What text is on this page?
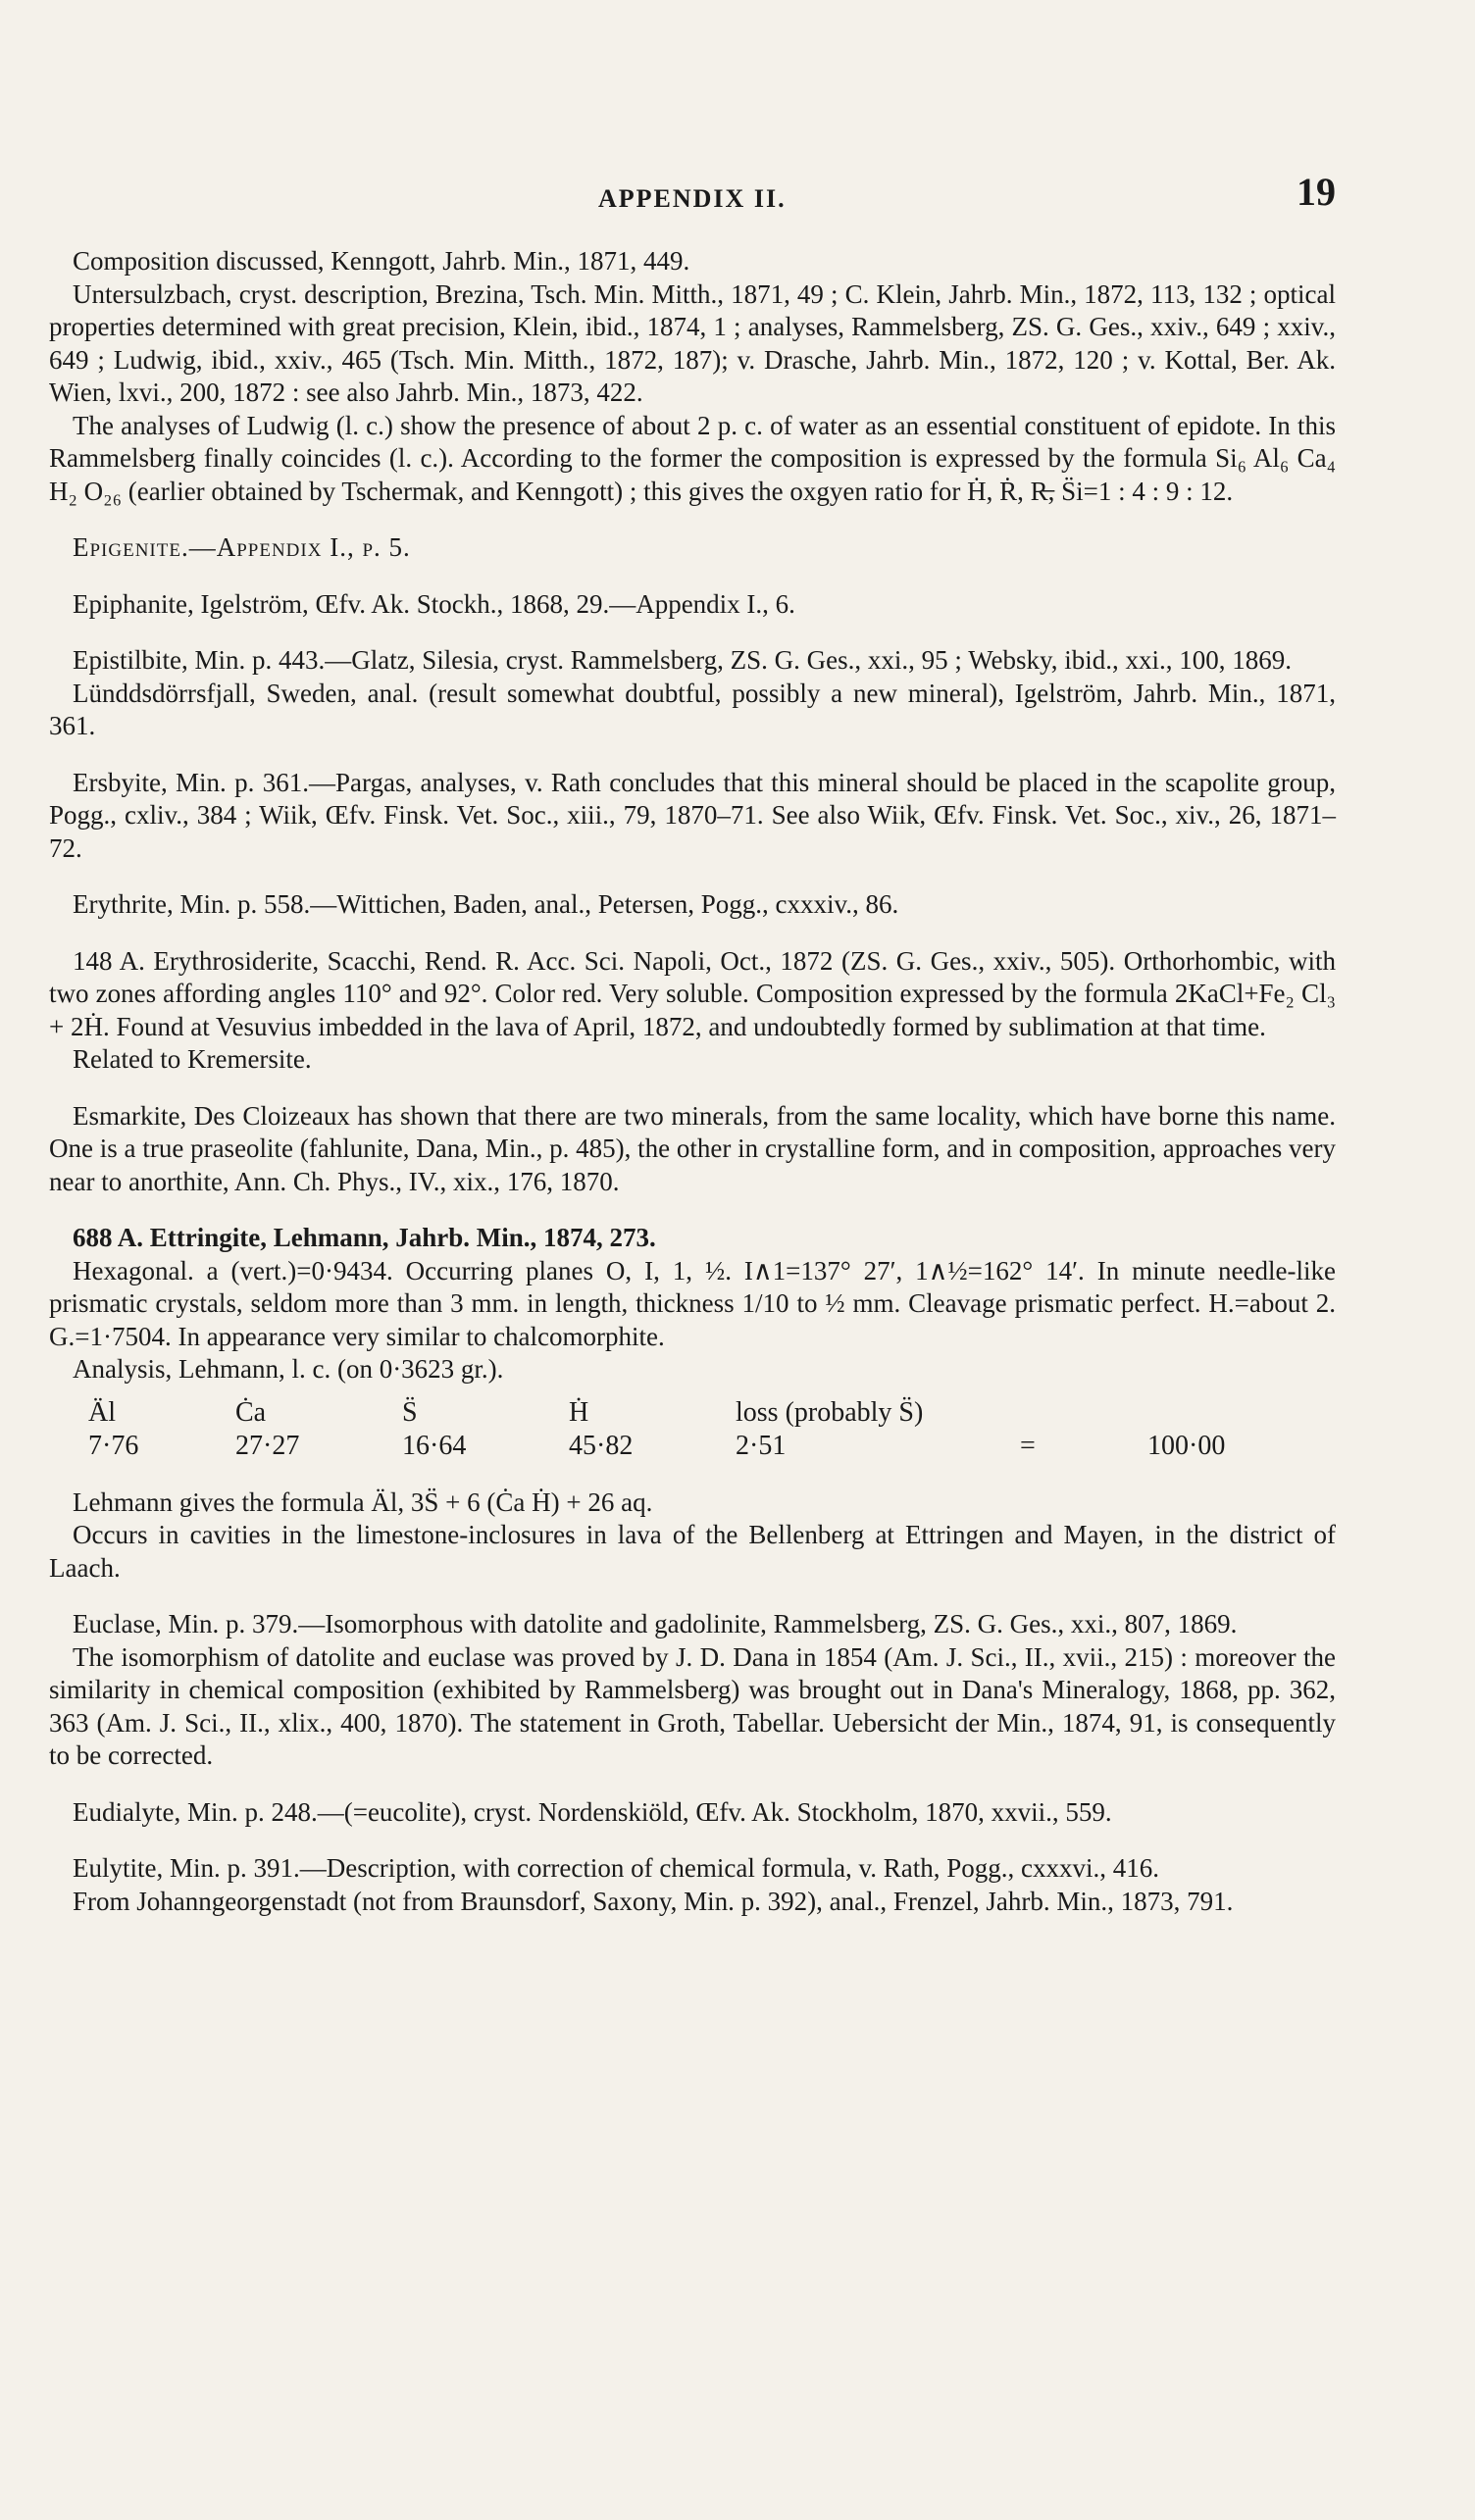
APPENDIX II.	19

Composition discussed, Kenngott, Jahrb. Min., 1871, 449.

Untersulzbach, cryst. description, Brezina, Tsch. Min. Mitth., 1871, 49 ; C. Klein, Jahrb. Min., 1872, 113, 132 ; optical properties determined with great precision, Klein, ibid., 1874, 1 ; analyses, Rammelsberg, ZS. G. Ges., xxiv., 649 ; xxiv., 649 ; Ludwig, ibid., xxiv., 465 (Tsch. Min. Mitth., 1872, 187); v. Drasche, Jahrb. Min., 1872, 120 ; v. Kottal, Ber. Ak. Wien, lxvi., 200, 1872 : see also Jahrb. Min., 1873, 422.

The analyses of Ludwig (l. c.) show the presence of about 2 p. c. of water as an essential constituent of epidote. In this Rammelsberg finally coincides (l. c.). According to the former the composition is expressed by the formula Si₆ Al₆ Ca₄ H₂ O₂₆ (earlier obtained by Tschermak, and Kenngott) ; this gives the oxgyen ratio for Ḣ, Ṙ, R̶, S̈i=1 : 4 : 9 : 12.

Epigenite.—Appendix I., p. 5.

Epiphanite, Igelström, Œfv. Ak. Stockh., 1868, 29.—Appendix I., 6.

Epistilbite, Min. p. 443.—Glatz, Silesia, cryst. Rammelsberg, ZS. G. Ges., xxi., 95 ; Websky, ibid., xxi., 100, 1869.

Lünddsdörrsfjall, Sweden, anal. (result somewhat doubtful, possibly a new mineral), Igelström, Jahrb. Min., 1871, 361.

Ersbyite, Min. p. 361.—Pargas, analyses, v. Rath concludes that this mineral should be placed in the scapolite group, Pogg., cxliv., 384 ; Wiik, Œfv. Finsk. Vet. Soc., xiii., 79, 1870–71. See also Wiik, Œfv. Finsk. Vet. Soc., xiv., 26, 1871–72.

Erythrite, Min. p. 558.—Wittichen, Baden, anal., Petersen, Pogg., cxxxiv., 86.

148 A. Erythrosiderite, Scacchi, Rend. R. Acc. Sci. Napoli, Oct., 1872 (ZS. G. Ges., xxiv., 505). Orthorhombic, with two zones affording angles 110° and 92°. Color red. Very soluble. Composition expressed by the formula 2KaCl+Fe₂ Cl₃ + 2Ḣ. Found at Vesuvius imbedded in the lava of April, 1872, and undoubtedly formed by sublimation at that time.

Related to Kremersite.

Esmarkite, Des Cloizeaux has shown that there are two minerals, from the same locality, which have borne this name. One is a true praseolite (fahlunite, Dana, Min., p. 485), the other in crystalline form, and in composition, approaches very near to anorthite, Ann. Ch. Phys., IV., xix., 176, 1870.

688 A. Ettringite, Lehmann, Jahrb. Min., 1874, 273.

Hexagonal. a (vert.)=0·9434. Occurring planes O, I, 1, ½. I∧1=137° 27′, 1∧½=162° 14′. In minute needle-like prismatic crystals, seldom more than 3 mm. in length, thickness 1/10 to ½ mm. Cleavage prismatic perfect. H.=about 2. G.=1·7504. In appearance very similar to chalcomorphite.

Analysis, Lehmann, l. c. (on 0·3623 gr.).

Äl	Ċa	S̈	Ḣ	loss (probably S̈)
7·76	27·27	16·64	45·82	2·51	=	100·00

Lehmann gives the formula Äl, 3S̈ + 6 (Ċa Ḣ) + 26 aq.

Occurs in cavities in the limestone-inclosures in lava of the Bellenberg at Ettringen and Mayen, in the district of Laach.

Euclase, Min. p. 379.—Isomorphous with datolite and gadolinite, Rammelsberg, ZS. G. Ges., xxi., 807, 1869.

The isomorphism of datolite and euclase was proved by J. D. Dana in 1854 (Am. J. Sci., II., xvii., 215) : moreover the similarity in chemical composition (exhibited by Rammelsberg) was brought out in Dana's Mineralogy, 1868, pp. 362, 363 (Am. J. Sci., II., xlix., 400, 1870). The statement in Groth, Tabellar. Uebersicht der Min., 1874, 91, is consequently to be corrected.

Eudialyte, Min. p. 248.—(=eucolite), cryst. Nordenskiöld, Œfv. Ak. Stockholm, 1870, xxvii., 559.

Eulytite, Min. p. 391.—Description, with correction of chemical formula, v. Rath, Pogg., cxxxvi., 416.

From Johanngeorgenstadt (not from Braunsdorf, Saxony, Min. p. 392), anal., Frenzel, Jahrb. Min., 1873, 791.
